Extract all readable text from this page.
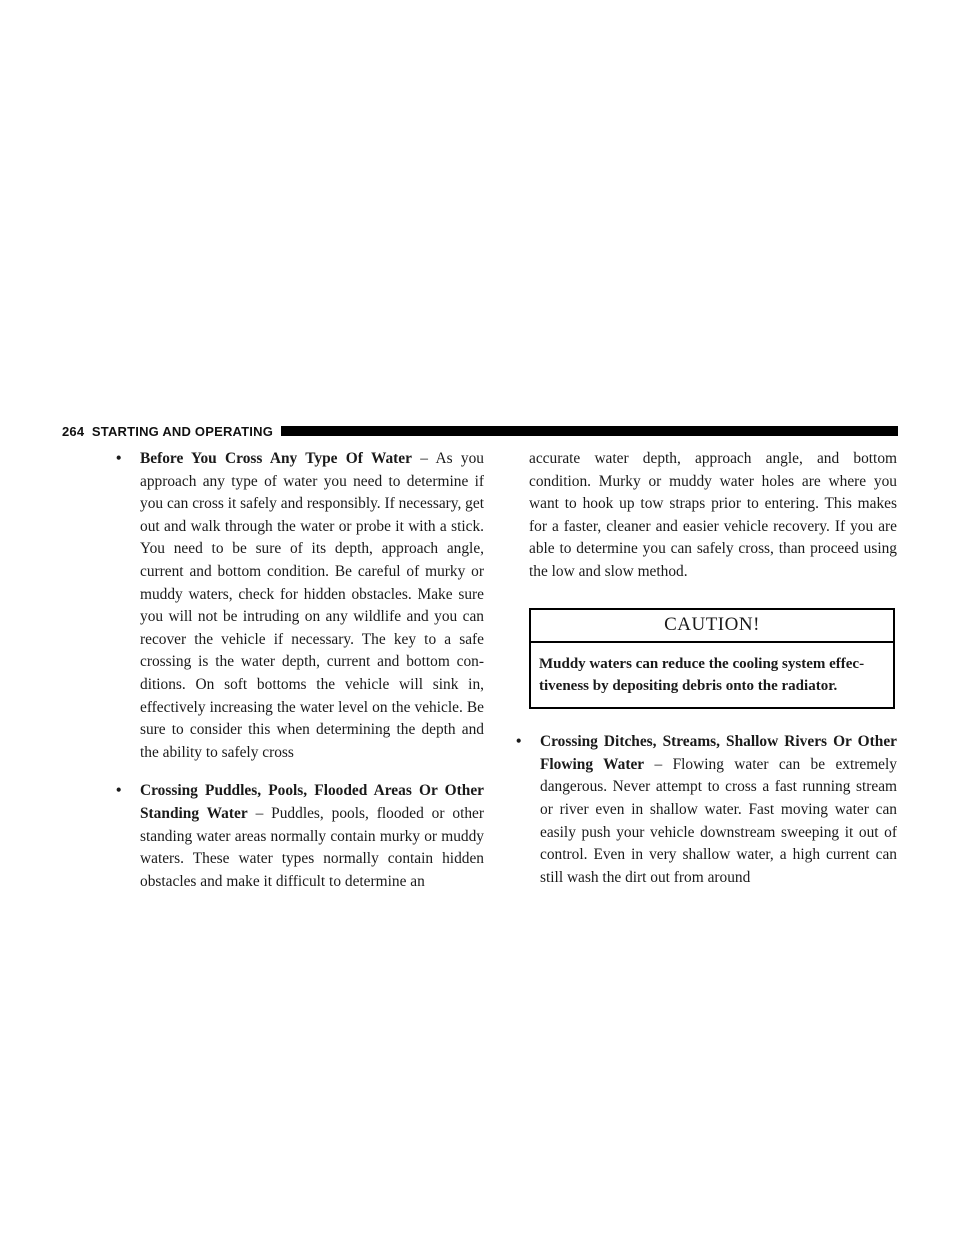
264 STARTING AND OPERATING
• Before You Cross Any Type Of Water – As you approach any type of water you need to determine if you can cross it safely and responsibly. If necessary, get out and walk through the water or probe it with a stick. You need to be sure of its depth, approach angle, current and bottom condition. Be careful of murky or muddy waters, check for hidden obstacles. Make sure you will not be intruding on any wildlife and you can recover the vehicle if necessary. The key to a safe crossing is the water depth, current and bottom con- ditions. On soft bottoms the vehicle will sink in, effectively increasing the water level on the vehicle. Be sure to consider this when determining the depth and the ability to safely cross
• Crossing Puddles, Pools, Flooded Areas Or Other Standing Water – Puddles, pools, flooded or other standing water areas normally contain murky or muddy waters. These water types normally contain hidden obstacles and make it difficult to determine an

accurate water depth, approach angle, and bottom condition. Murky or muddy water holes are where you want to hook up tow straps prior to entering. This makes for a faster, cleaner and easier vehicle recovery. If you are able to determine you can safely cross, than proceed using the low and slow method.

CAUTION!
Muddy waters can reduce the cooling system effec- tiveness by depositing debris onto the radiator.
• Crossing Ditches, Streams, Shallow Rivers Or Other Flowing Water – Flowing water can be extremely dangerous. Never attempt to cross a fast running stream or river even in shallow water. Fast moving water can easily push your vehicle downstream sweeping it out of control. Even in very shallow water, a high current can still wash the dirt out from around
